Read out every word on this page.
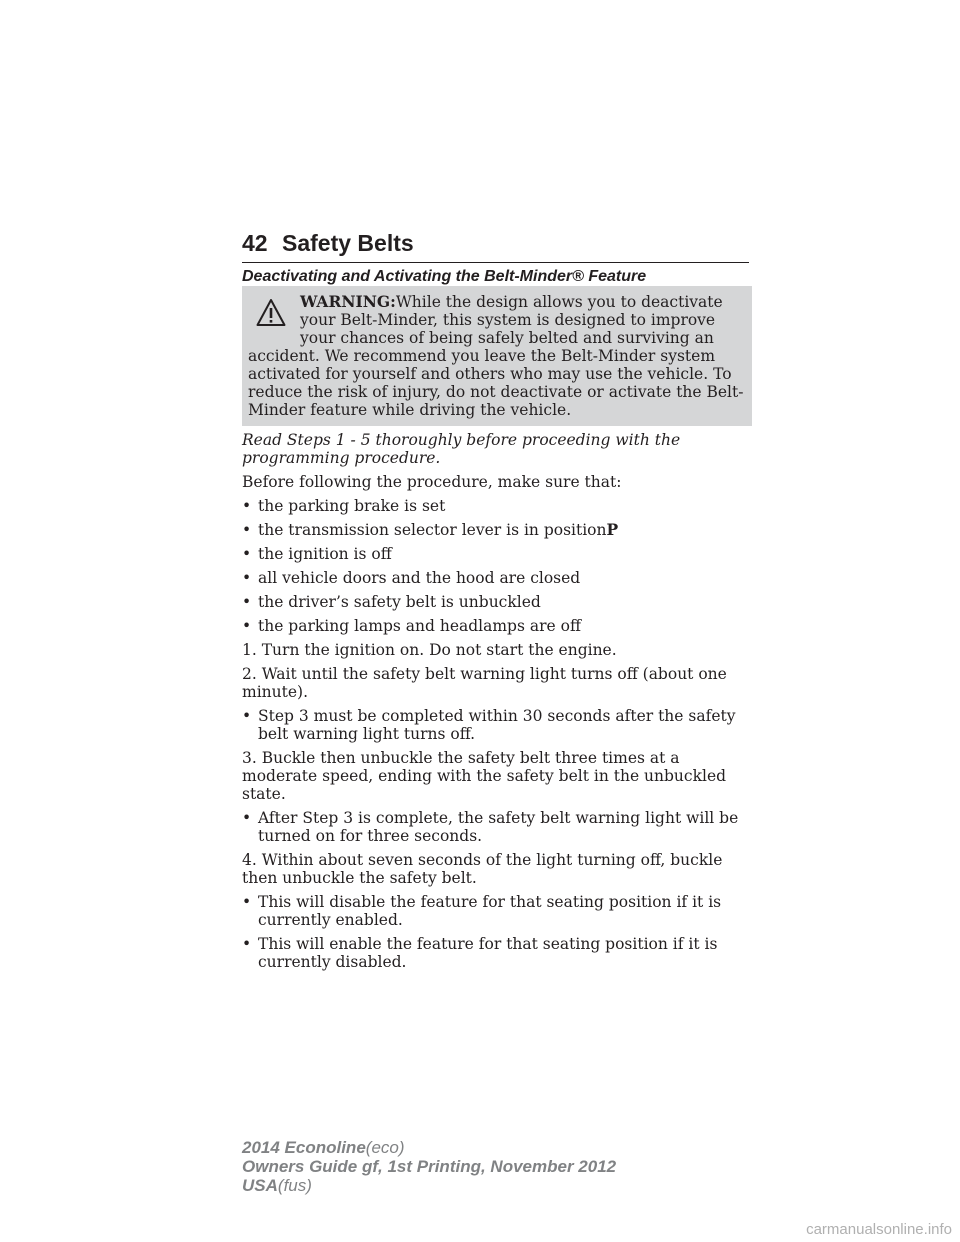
42 Safety Belts

Deactivating and Activating the Belt-Minder® Feature

WARNING:While the design allows you to deactivate your Belt-Minder, this system is designed to improve your chances of being safely belted and surviving an accident. We recommend you leave the Belt-Minder system activated for yourself and others who may use the vehicle. To reduce the risk of injury, do not deactivate or activate the Belt-Minder feature while driving the vehicle.

Read Steps 1 - 5 thoroughly before proceeding with the programming procedure.

Before following the procedure, make sure that:

• the parking brake is set
• the transmission selector lever is in positionP
• the ignition is off
• all vehicle doors and the hood are closed
• the driver’s safety belt is unbuckled
• the parking lamps and headlamps are off

1. Turn the ignition on. Do not start the engine.

2. Wait until the safety belt warning light turns off (about one minute).

• Step 3 must be completed within 30 seconds after the safety belt warning light turns off.

3. Buckle then unbuckle the safety belt three times at a moderate speed, ending with the safety belt in the unbuckled state.

• After Step 3 is complete, the safety belt warning light will be turned on for three seconds.

4. Within about seven seconds of the light turning off, buckle then unbuckle the safety belt.

• This will disable the feature for that seating position if it is currently enabled.
• This will enable the feature for that seating position if it is currently disabled.
2014 Econoline(eco)
Owners Guide gf, 1st Printing, November 2012
USA(fus)
carmanualsonline.info
